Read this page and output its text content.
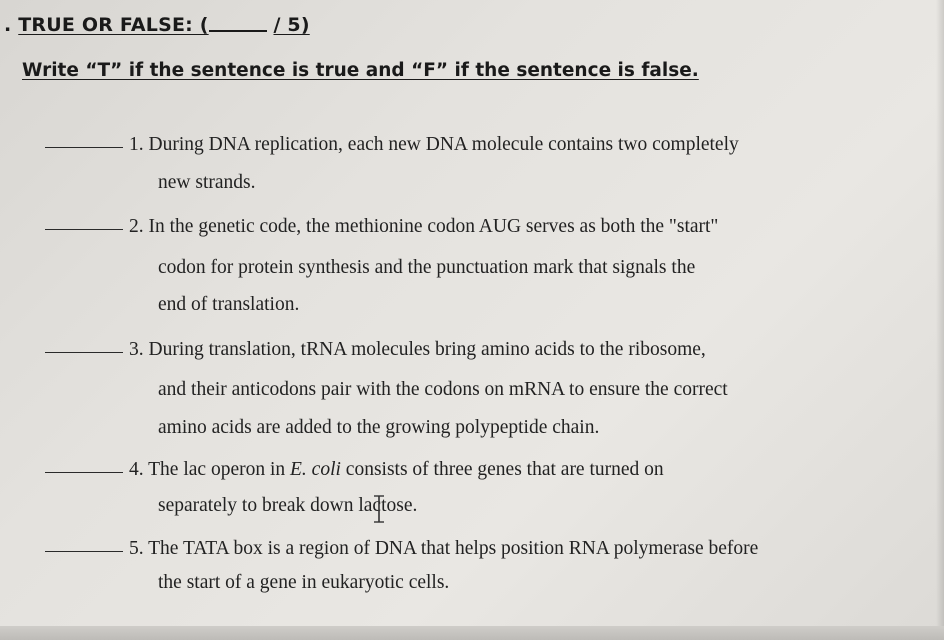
. TRUE OR FALSE: (	/ 5)
Write “T” if the sentence is true and “F” if the sentence is false.
1. During DNA replication, each new DNA molecule contains two completely
new strands.
2. In the genetic code, the methionine codon AUG serves as both the "start"
codon for protein synthesis and the punctuation mark that signals the
end of translation.
3. During translation, tRNA molecules bring amino acids to the ribosome,
and their anticodons pair with the codons on mRNA to ensure the correct
amino acids are added to the growing polypeptide chain.
4. The lac operon in E. coli consists of three genes that are turned on
separately to break down lactose.
5. The TATA box is a region of DNA that helps position RNA polymerase before
the start of a gene in eukaryotic cells.
